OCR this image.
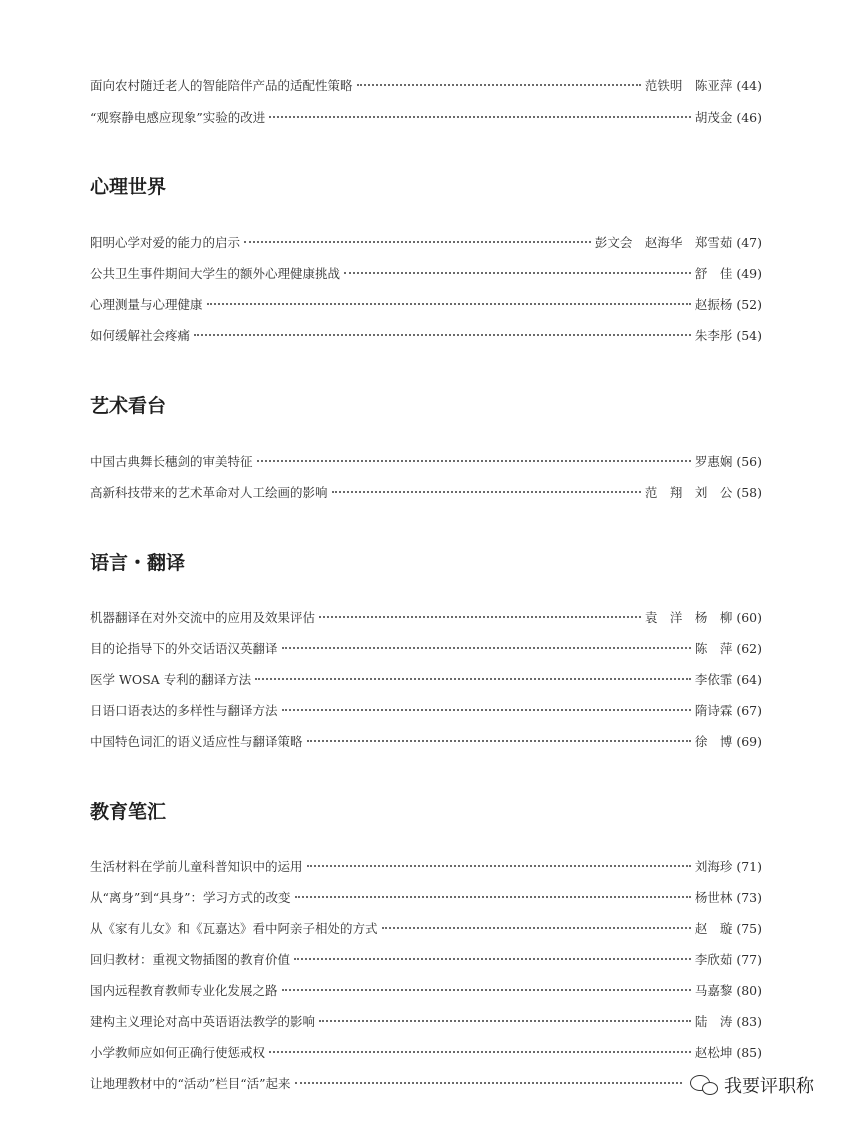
面向农村随迁老人的智能陪伴产品的适配性策略	范铁明　陈亚萍 (44)
“观察静电感应现象”实验的改进	胡茂金 (46)
心理世界
阳明心学对爱的能力的启示	彭文会　赵海华　郑雪茹 (47)
公共卫生事件期间大学生的额外心理健康挑战	舒　佳 (49)
心理测量与心理健康	赵振杨 (52)
如何缓解社会疼痛	朱李彤 (54)
艺术看台
中国古典舞长穗剑的审美特征	罗惠娴 (56)
高新科技带来的艺术革命对人工绘画的影响	范　翔　刘　公 (58)
语言・翻译
机器翻译在对外交流中的应用及效果评估	袁　洋　杨　柳 (60)
目的论指导下的外交话语汉英翻译	陈　萍 (62)
医学 WOSA 专利的翻译方法	李依霏 (64)
日语口语表达的多样性与翻译方法	隋诗霖 (67)
中国特色词汇的语义适应性与翻译策略	徐　博 (69)
教育笔汇
生活材料在学前儿童科普知识中的运用	刘海珍 (71)
从“离身”到“具身”：学习方式的改变	杨世林 (73)
从《家有儿女》和《瓦嘉达》看中阿亲子相处的方式	赵　璇 (75)
回归教材：重视文物插图的教育价值	李欣茹 (77)
国内远程教育教师专业化发展之路	马嘉黎 (80)
建构主义理论对高中英语语法教学的影响	陆　涛 (83)
小学教师应如何正确行使惩戒权	赵松坤 (85)
让地理教材中的“活动”栏目“活”起来	我要评职称
